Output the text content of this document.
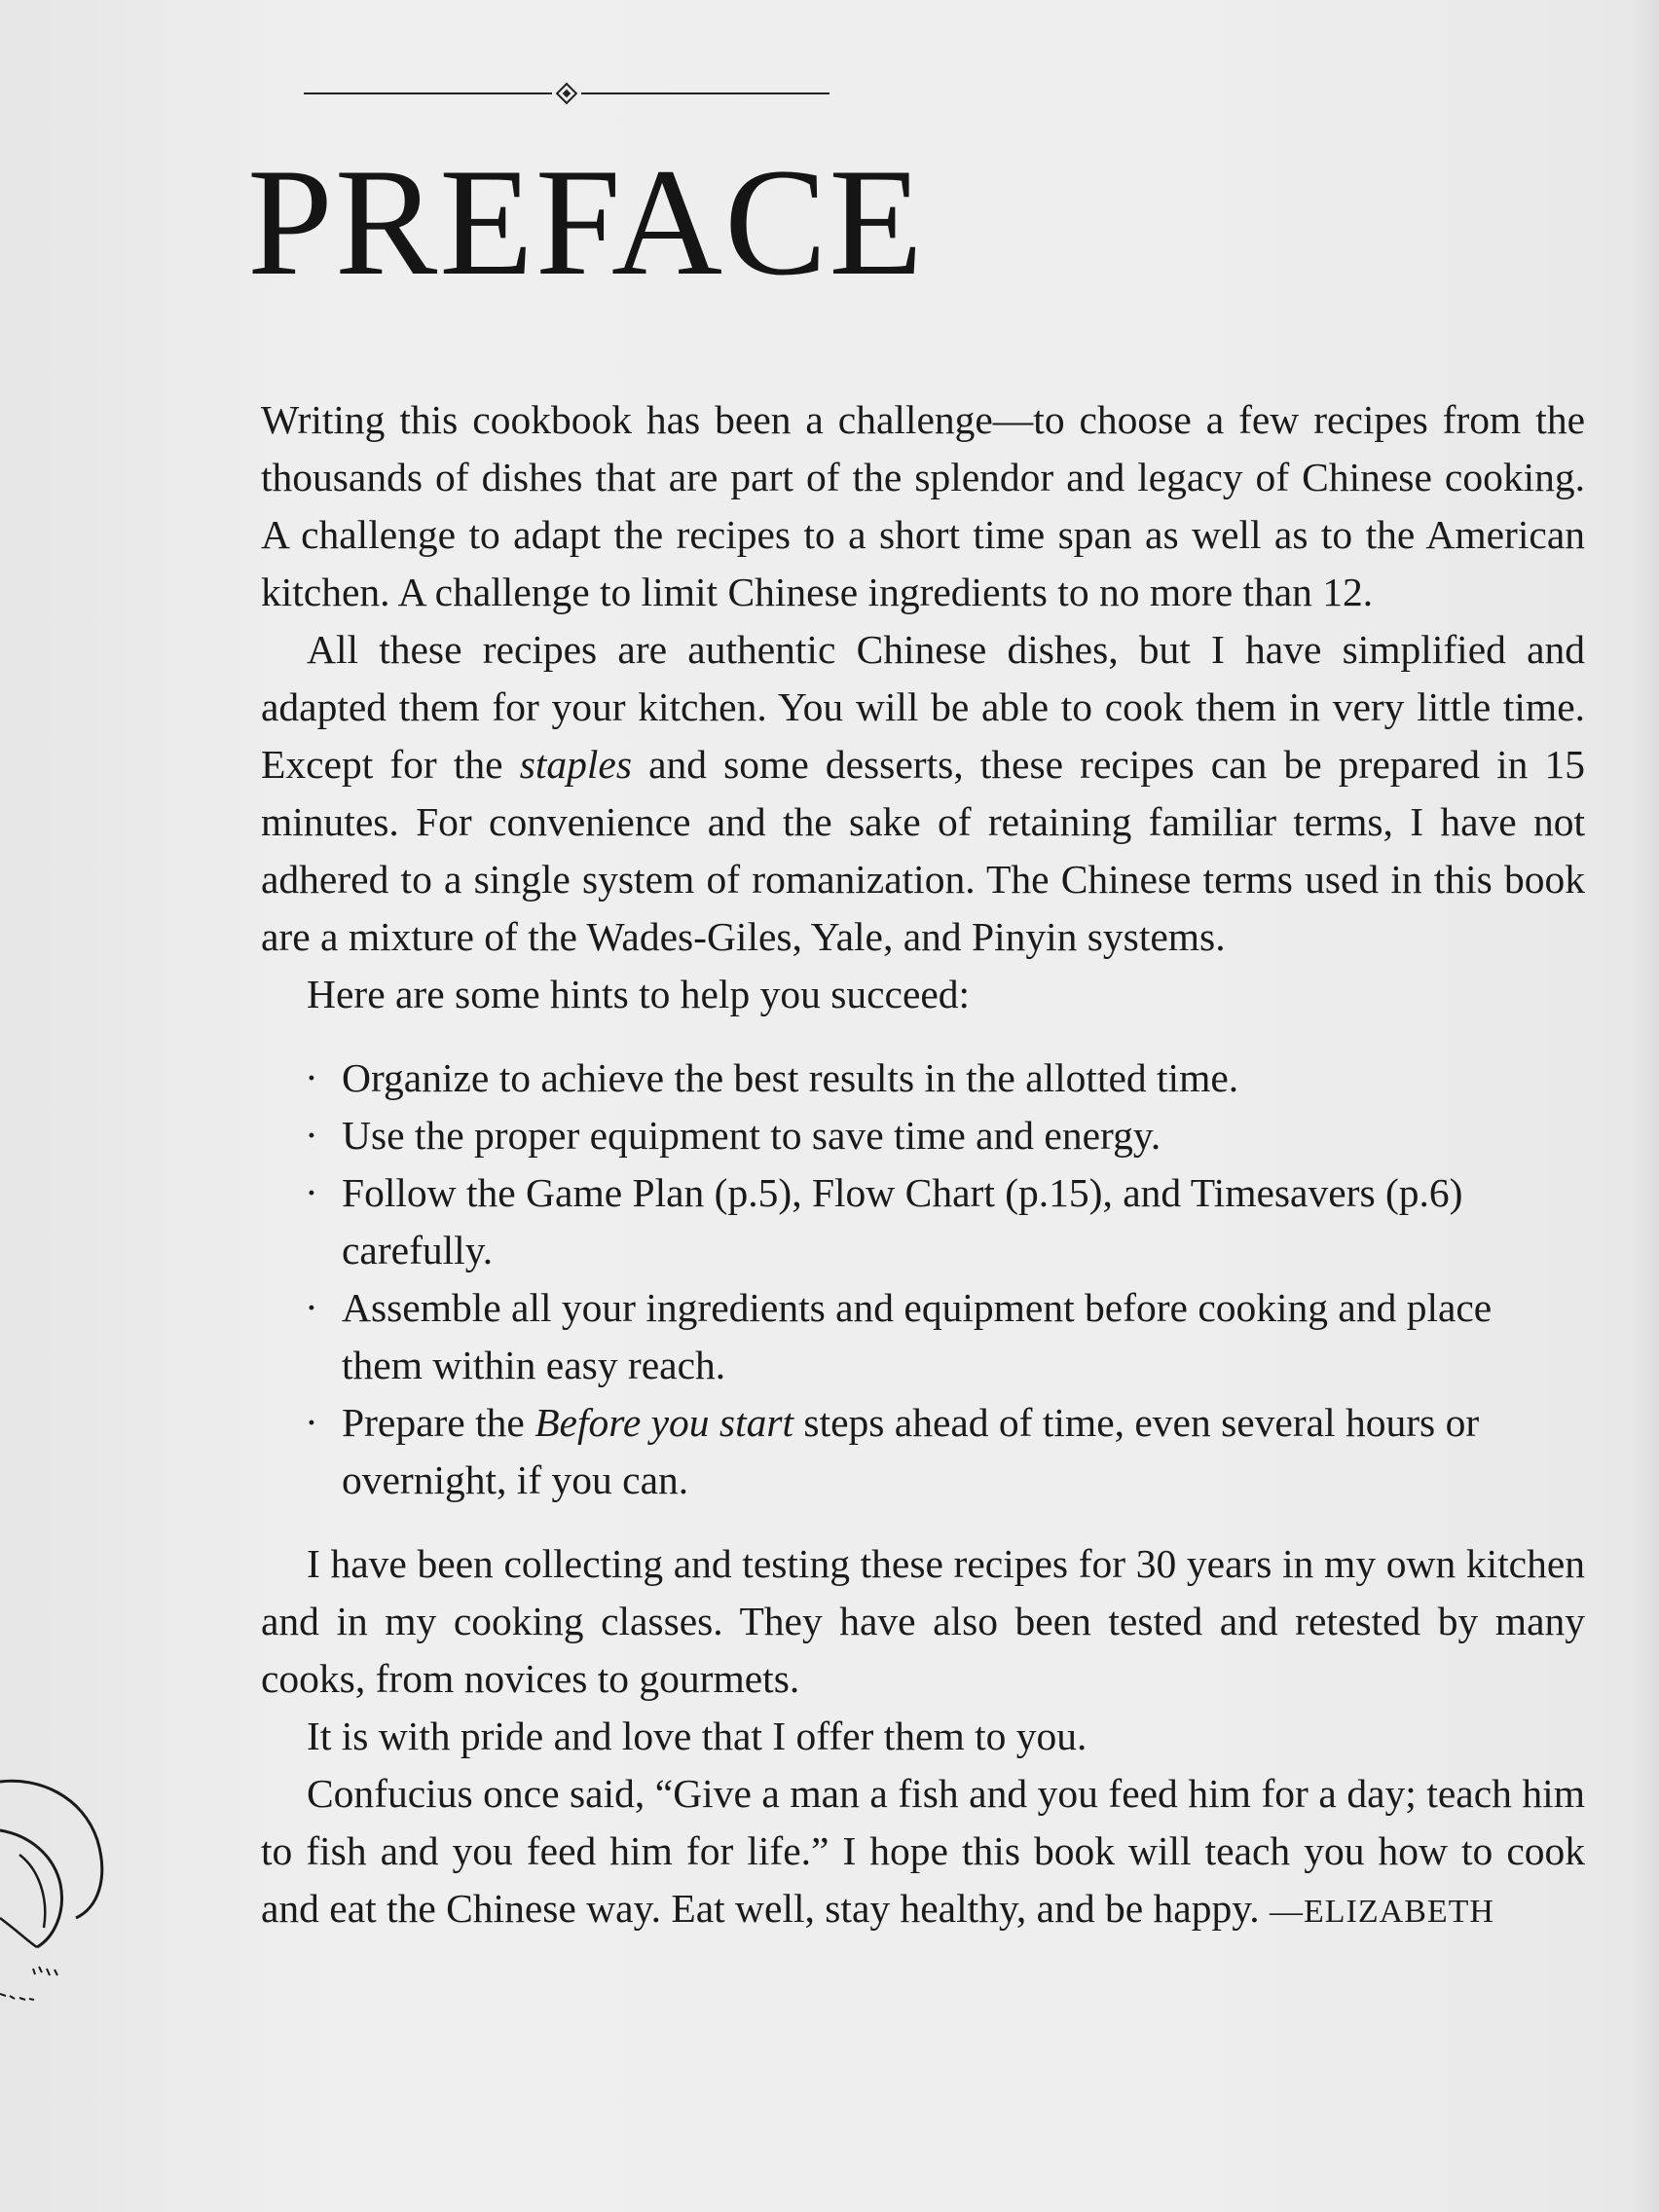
PREFACE

Writing this cookbook has been a challenge—to choose a few recipes from the thousands of dishes that are part of the splendor and legacy of Chinese cooking. A challenge to adapt the recipes to a short time span as well as to the American kitchen. A challenge to limit Chinese ingredients to no more than 12.

All these recipes are authentic Chinese dishes, but I have simplified and adapted them for your kitchen. You will be able to cook them in very little time. Except for the staples and some desserts, these recipes can be prepared in 15 minutes. For convenience and the sake of retaining familiar terms, I have not adhered to a single system of romanization. The Chinese terms used in this book are a mixture of the Wades-Giles, Yale, and Pinyin systems.

Here are some hints to help you succeed:

· Organize to achieve the best results in the allotted time.
· Use the proper equipment to save time and energy.
· Follow the Game Plan (p.5), Flow Chart (p.15), and Timesavers (p.6) carefully.
· Assemble all your ingredients and equipment before cooking and place them within easy reach.
· Prepare the Before you start steps ahead of time, even several hours or overnight, if you can.

I have been collecting and testing these recipes for 30 years in my own kitchen and in my cooking classes. They have also been tested and retested by many cooks, from novices to gourmets.

It is with pride and love that I offer them to you.

Confucius once said, “Give a man a fish and you feed him for a day; teach him to fish and you feed him for life.” I hope this book will teach you how to cook and eat the Chinese way. Eat well, stay healthy, and be happy. —ELIZABETH
